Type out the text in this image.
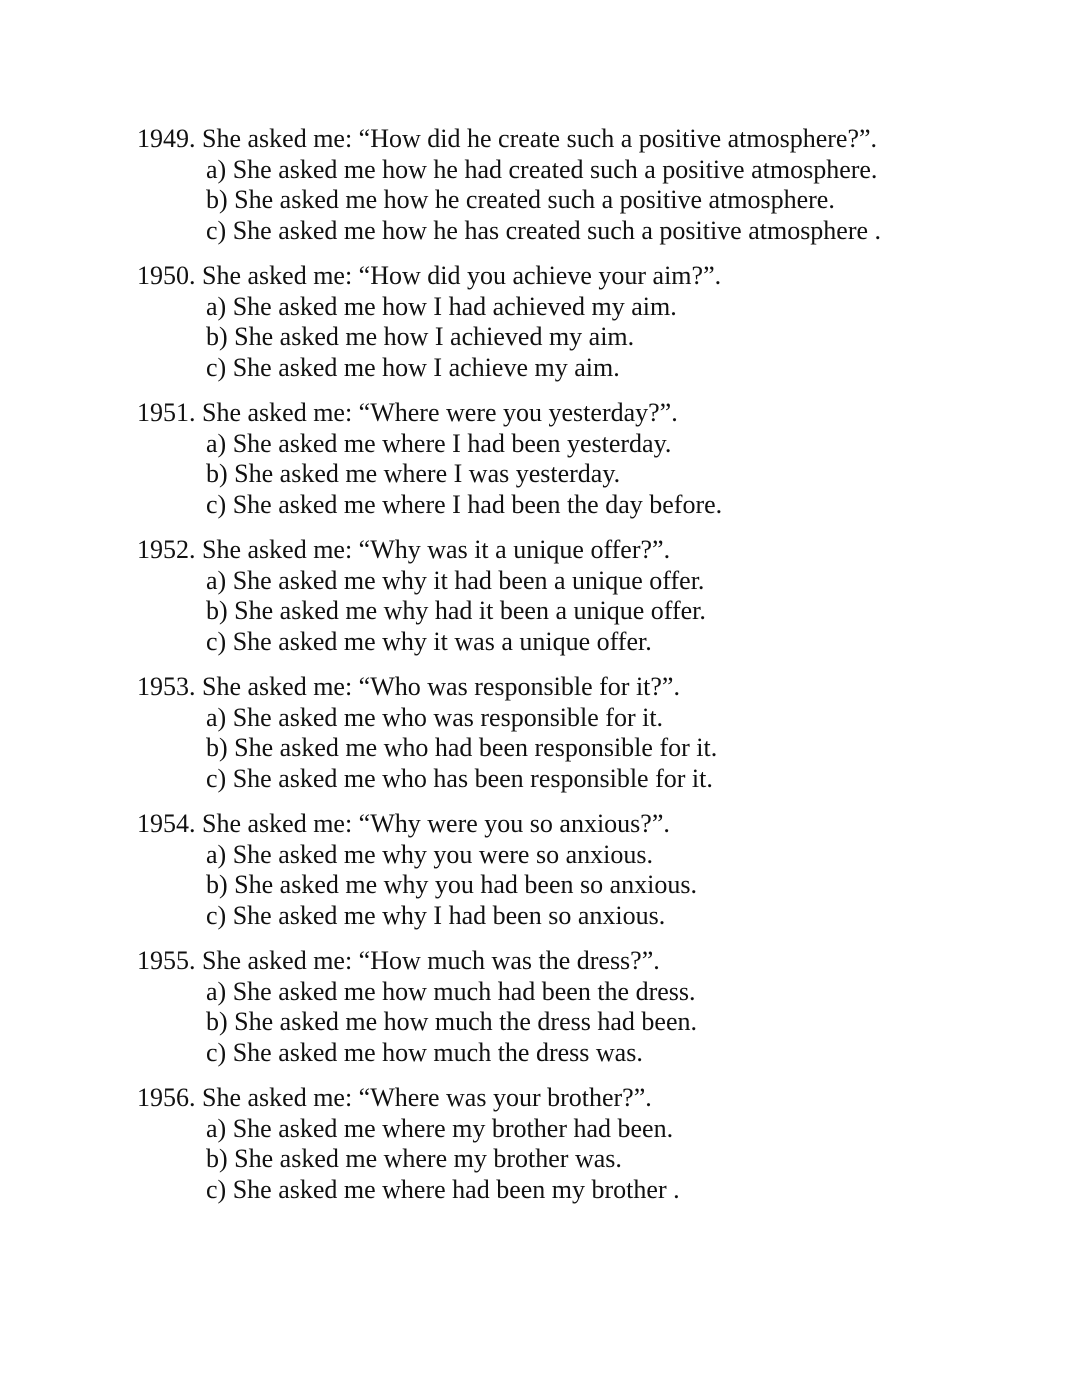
1949. She asked me: “How did he create such a positive atmosphere?”.
a) She asked me how he had created such a positive atmosphere.
b) She asked me how he created such a positive atmosphere.
c) She asked me how he has created such a positive atmosphere .
1950. She asked me: “How did you achieve your aim?”.
a) She asked me how I had achieved my aim.
b) She asked me how I achieved my aim.
c) She asked me how I achieve my aim.
1951. She asked me: “Where were you yesterday?”.
a) She asked me where I had been yesterday.
b) She asked me where I was yesterday.
c) She asked me where I had been the day before.
1952. She asked me: “Why was it a unique offer?”.
a) She asked me why it had been a unique offer.
b) She asked me why had it been a unique offer.
c) She asked me why it was a unique offer.
1953. She asked me: “Who was responsible for it?”.
a) She asked me who was responsible for it.
b) She asked me who had been responsible for it.
c) She asked me who has been responsible for it.
1954. She asked me: “Why were you so anxious?”.
a) She asked me why you were so anxious.
b) She asked me why you had been so anxious.
c) She asked me why I had been so anxious.
1955. She asked me: “How much was the dress?”.
a) She asked me how much had been the dress.
b) She asked me how much the dress had been.
c) She asked me how much the dress was.
1956. She asked me: “Where was your brother?”.
a) She asked me where my brother had been.
b) She asked me where my brother was.
c) She asked me where had been my brother .
